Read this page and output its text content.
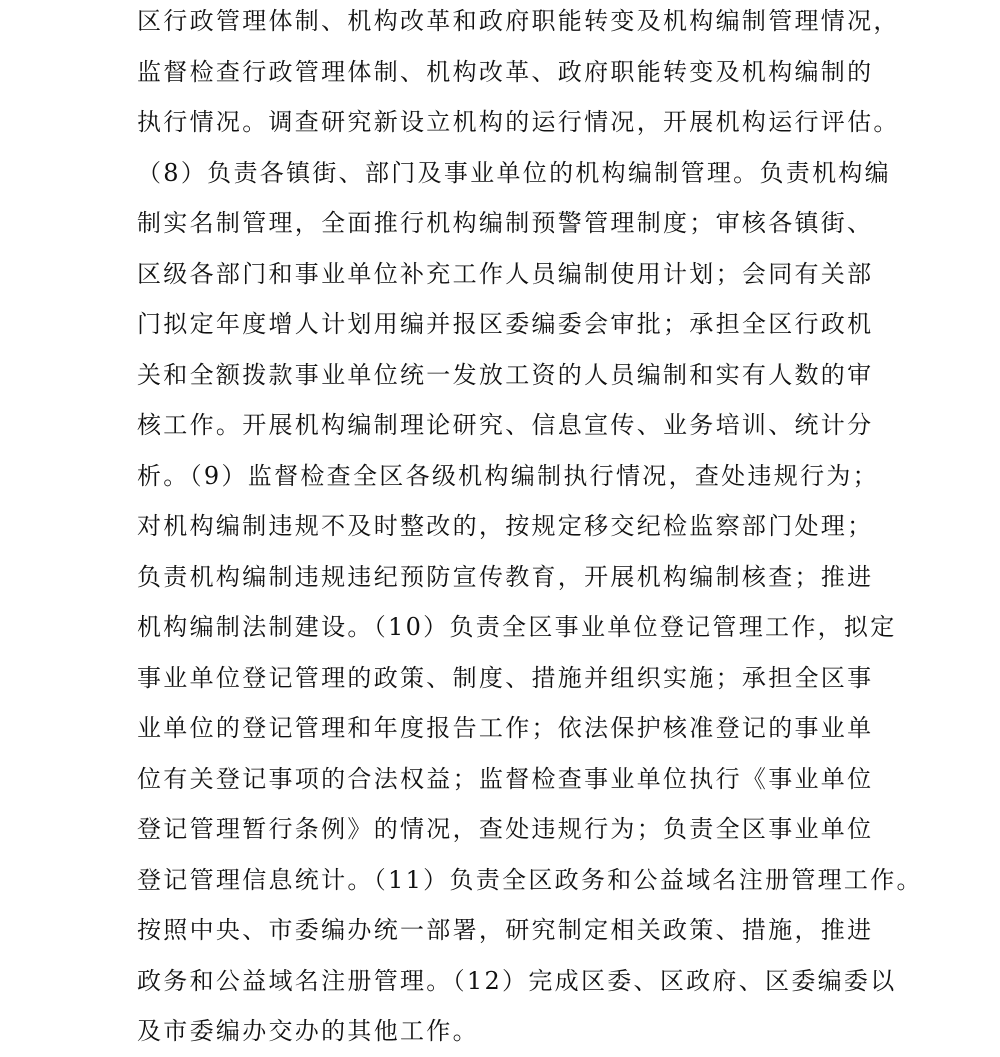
区行政管理体制、机构改革和政府职能转变及机构编制管理情况，
监督检查行政管理体制、机构改革、政府职能转变及机构编制的
执行情况。调查研究新设立机构的运行情况，开展机构运行评估。
（8）负责各镇街、部门及事业单位的机构编制管理。负责机构编
制实名制管理，全面推行机构编制预警管理制度；审核各镇街、
区级各部门和事业单位补充工作人员编制使用计划；会同有关部
门拟定年度增人计划用编并报区委编委会审批；承担全区行政机
关和全额拨款事业单位统一发放工资的人员编制和实有人数的审
核工作。开展机构编制理论研究、信息宣传、业务培训、统计分
析。（9）监督检查全区各级机构编制执行情况，查处违规行为；
对机构编制违规不及时整改的，按规定移交纪检监察部门处理；
负责机构编制违规违纪预防宣传教育，开展机构编制核查；推进
机构编制法制建设。（10）负责全区事业单位登记管理工作，拟定
事业单位登记管理的政策、制度、措施并组织实施；承担全区事
业单位的登记管理和年度报告工作；依法保护核准登记的事业单
位有关登记事项的合法权益；监督检查事业单位执行《事业单位
登记管理暂行条例》的情况，查处违规行为；负责全区事业单位
登记管理信息统计。（11）负责全区政务和公益域名注册管理工作。
按照中央、市委编办统一部署，研究制定相关政策、措施，推进
政务和公益域名注册管理。（12）完成区委、区政府、区委编委以
及市委编办交办的其他工作。
